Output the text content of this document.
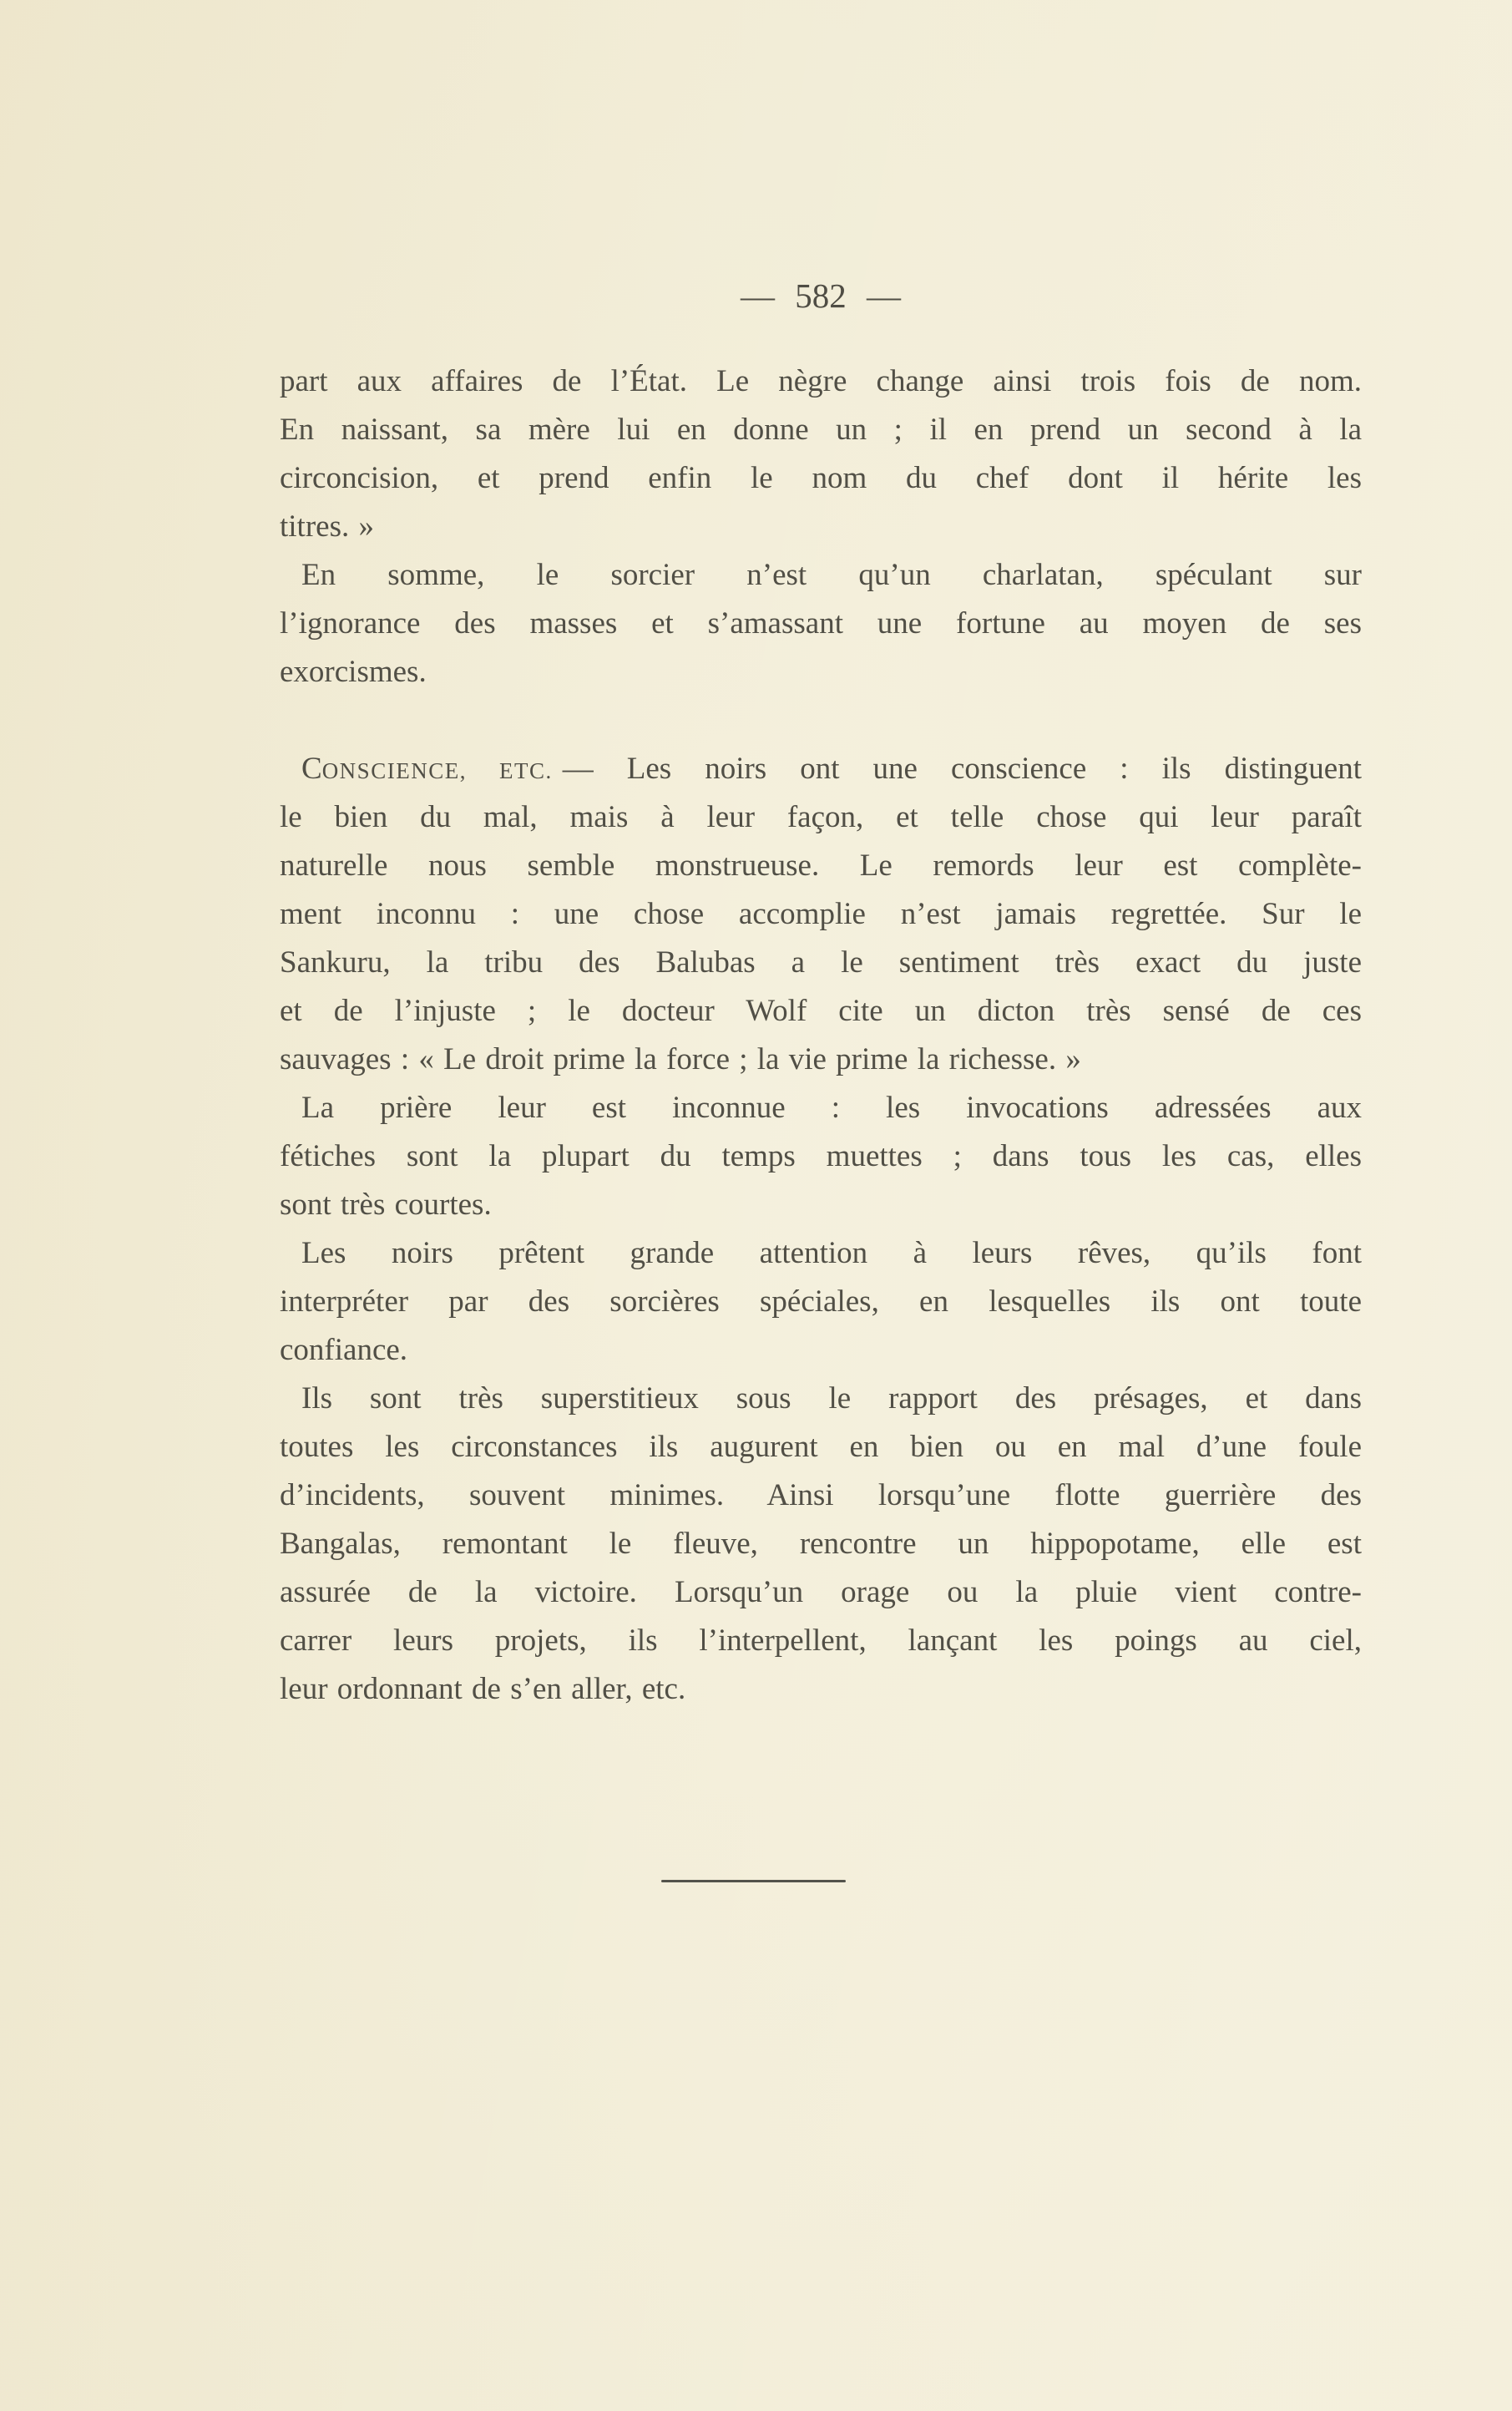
— 582 —
part aux affaires de l’État. Le nègre change ainsi trois fois de nom.
En naissant, sa mère lui en donne un ; il en prend un second à la
circoncision, et prend enfin le nom du chef dont il hérite les
titres. »
En somme, le sorcier n’est qu’un charlatan, spéculant sur
l’ignorance des masses et s’amassant une fortune au moyen de ses
exorcismes.
CONSCIENCE, ETC. — Les noirs ont une conscience : ils distinguent
le bien du mal, mais à leur façon, et telle chose qui leur paraît
naturelle nous semble monstrueuse. Le remords leur est complète-
ment inconnu : une chose accomplie n’est jamais regrettée. Sur le
Sankuru, la tribu des Balubas a le sentiment très exact du juste
et de l’injuste ; le docteur Wolf cite un dicton très sensé de ces
sauvages : « Le droit prime la force ; la vie prime la richesse. »
La prière leur est inconnue : les invocations adressées aux
fétiches sont la plupart du temps muettes ; dans tous les cas, elles
sont très courtes.
Les noirs prêtent grande attention à leurs rêves, qu’ils font
interpréter par des sorcières spéciales, en lesquelles ils ont toute
confiance.
Ils sont très superstitieux sous le rapport des présages, et dans
toutes les circonstances ils augurent en bien ou en mal d’une foule
d’incidents, souvent minimes. Ainsi lorsqu’une flotte guerrière des
Bangalas, remontant le fleuve, rencontre un hippopotame, elle est
assurée de la victoire. Lorsqu’un orage ou la pluie vient contre-
carrer leurs projets, ils l’interpellent, lançant les poings au ciel,
leur ordonnant de s’en aller, etc.
